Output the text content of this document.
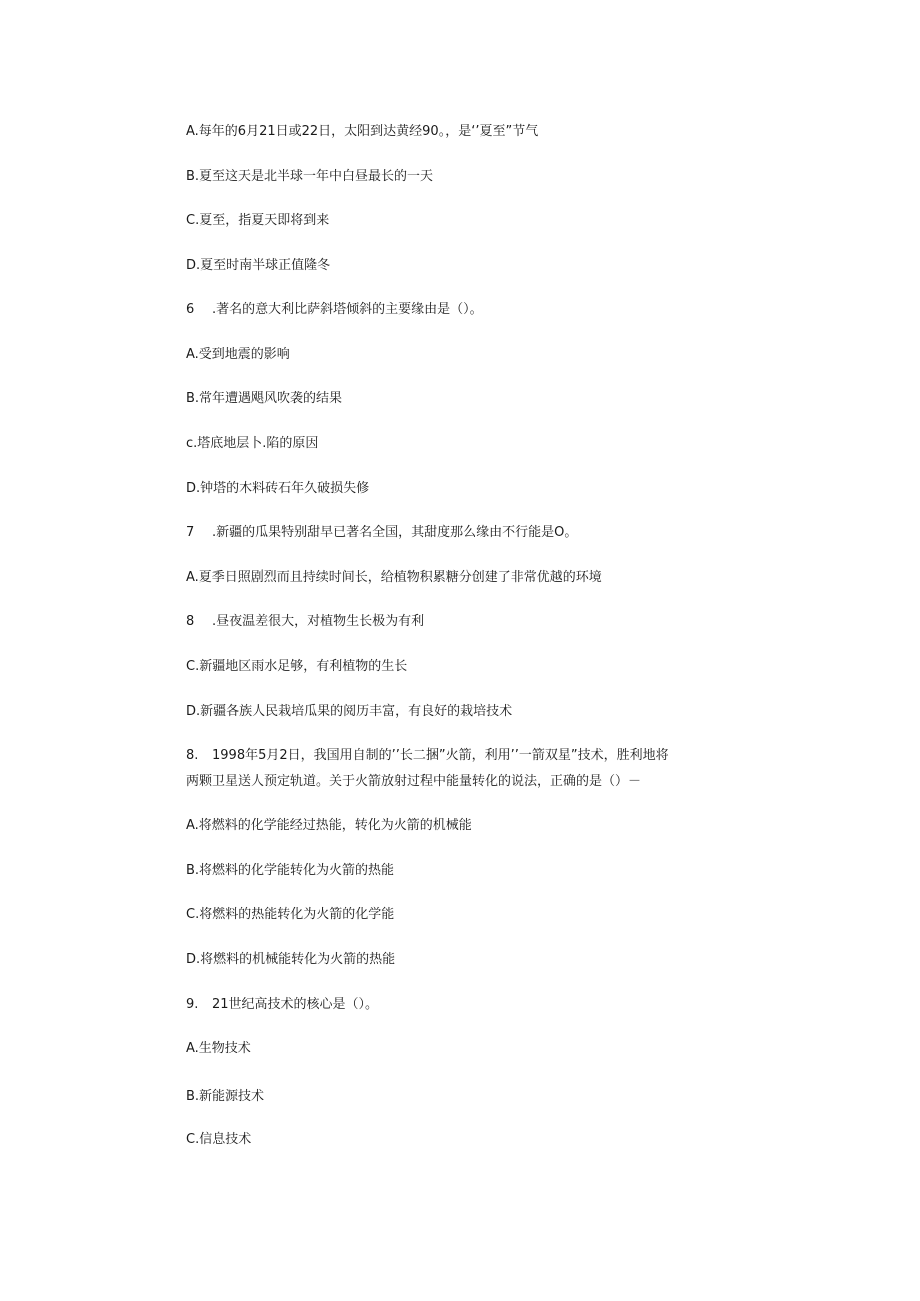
A.每年的6月21日或22日，太阳到达黄经90。，是‘’夏至”节气
B.夏至这天是北半球一年中白昼最长的一天
C.夏至，指夏天即将到来
D.夏至时南半球正值隆冬
6 .著名的意大利比萨斜塔倾斜的主要缘由是（）。
A.受到地震的影响
B.常年遭遇飓风吹袭的结果
c.塔底地层卜.陷的原因
D.钟塔的木料砖石年久破损失修
7 .新疆的瓜果特别甜早已著名全国，其甜度那么缘由不行能是O。
A.夏季日照剧烈而且持续时间长，给植物积累糖分创建了非常优越的环境
8 .昼夜温差很大，对植物生长极为有利
C.新疆地区雨水足够，有利植物的生长
D.新疆各族人民栽培瓜果的阅历丰富，有良好的栽培技术
8. 1998年5月2日，我国用自制的’’长二捆”火箭，利用’’一箭双星”技术，胜利地将
两颗卫星送人预定轨道。关于火箭放射过程中能量转化的说法，正确的是（）－
A.将燃料的化学能经过热能，转化为火箭的机械能
B.将燃料的化学能转化为火箭的热能
C.将燃料的热能转化为火箭的化学能
D.将燃料的机械能转化为火箭的热能
9. 21世纪高技术的核心是（）。
A.生物技术
B.新能源技术
C.信息技术
